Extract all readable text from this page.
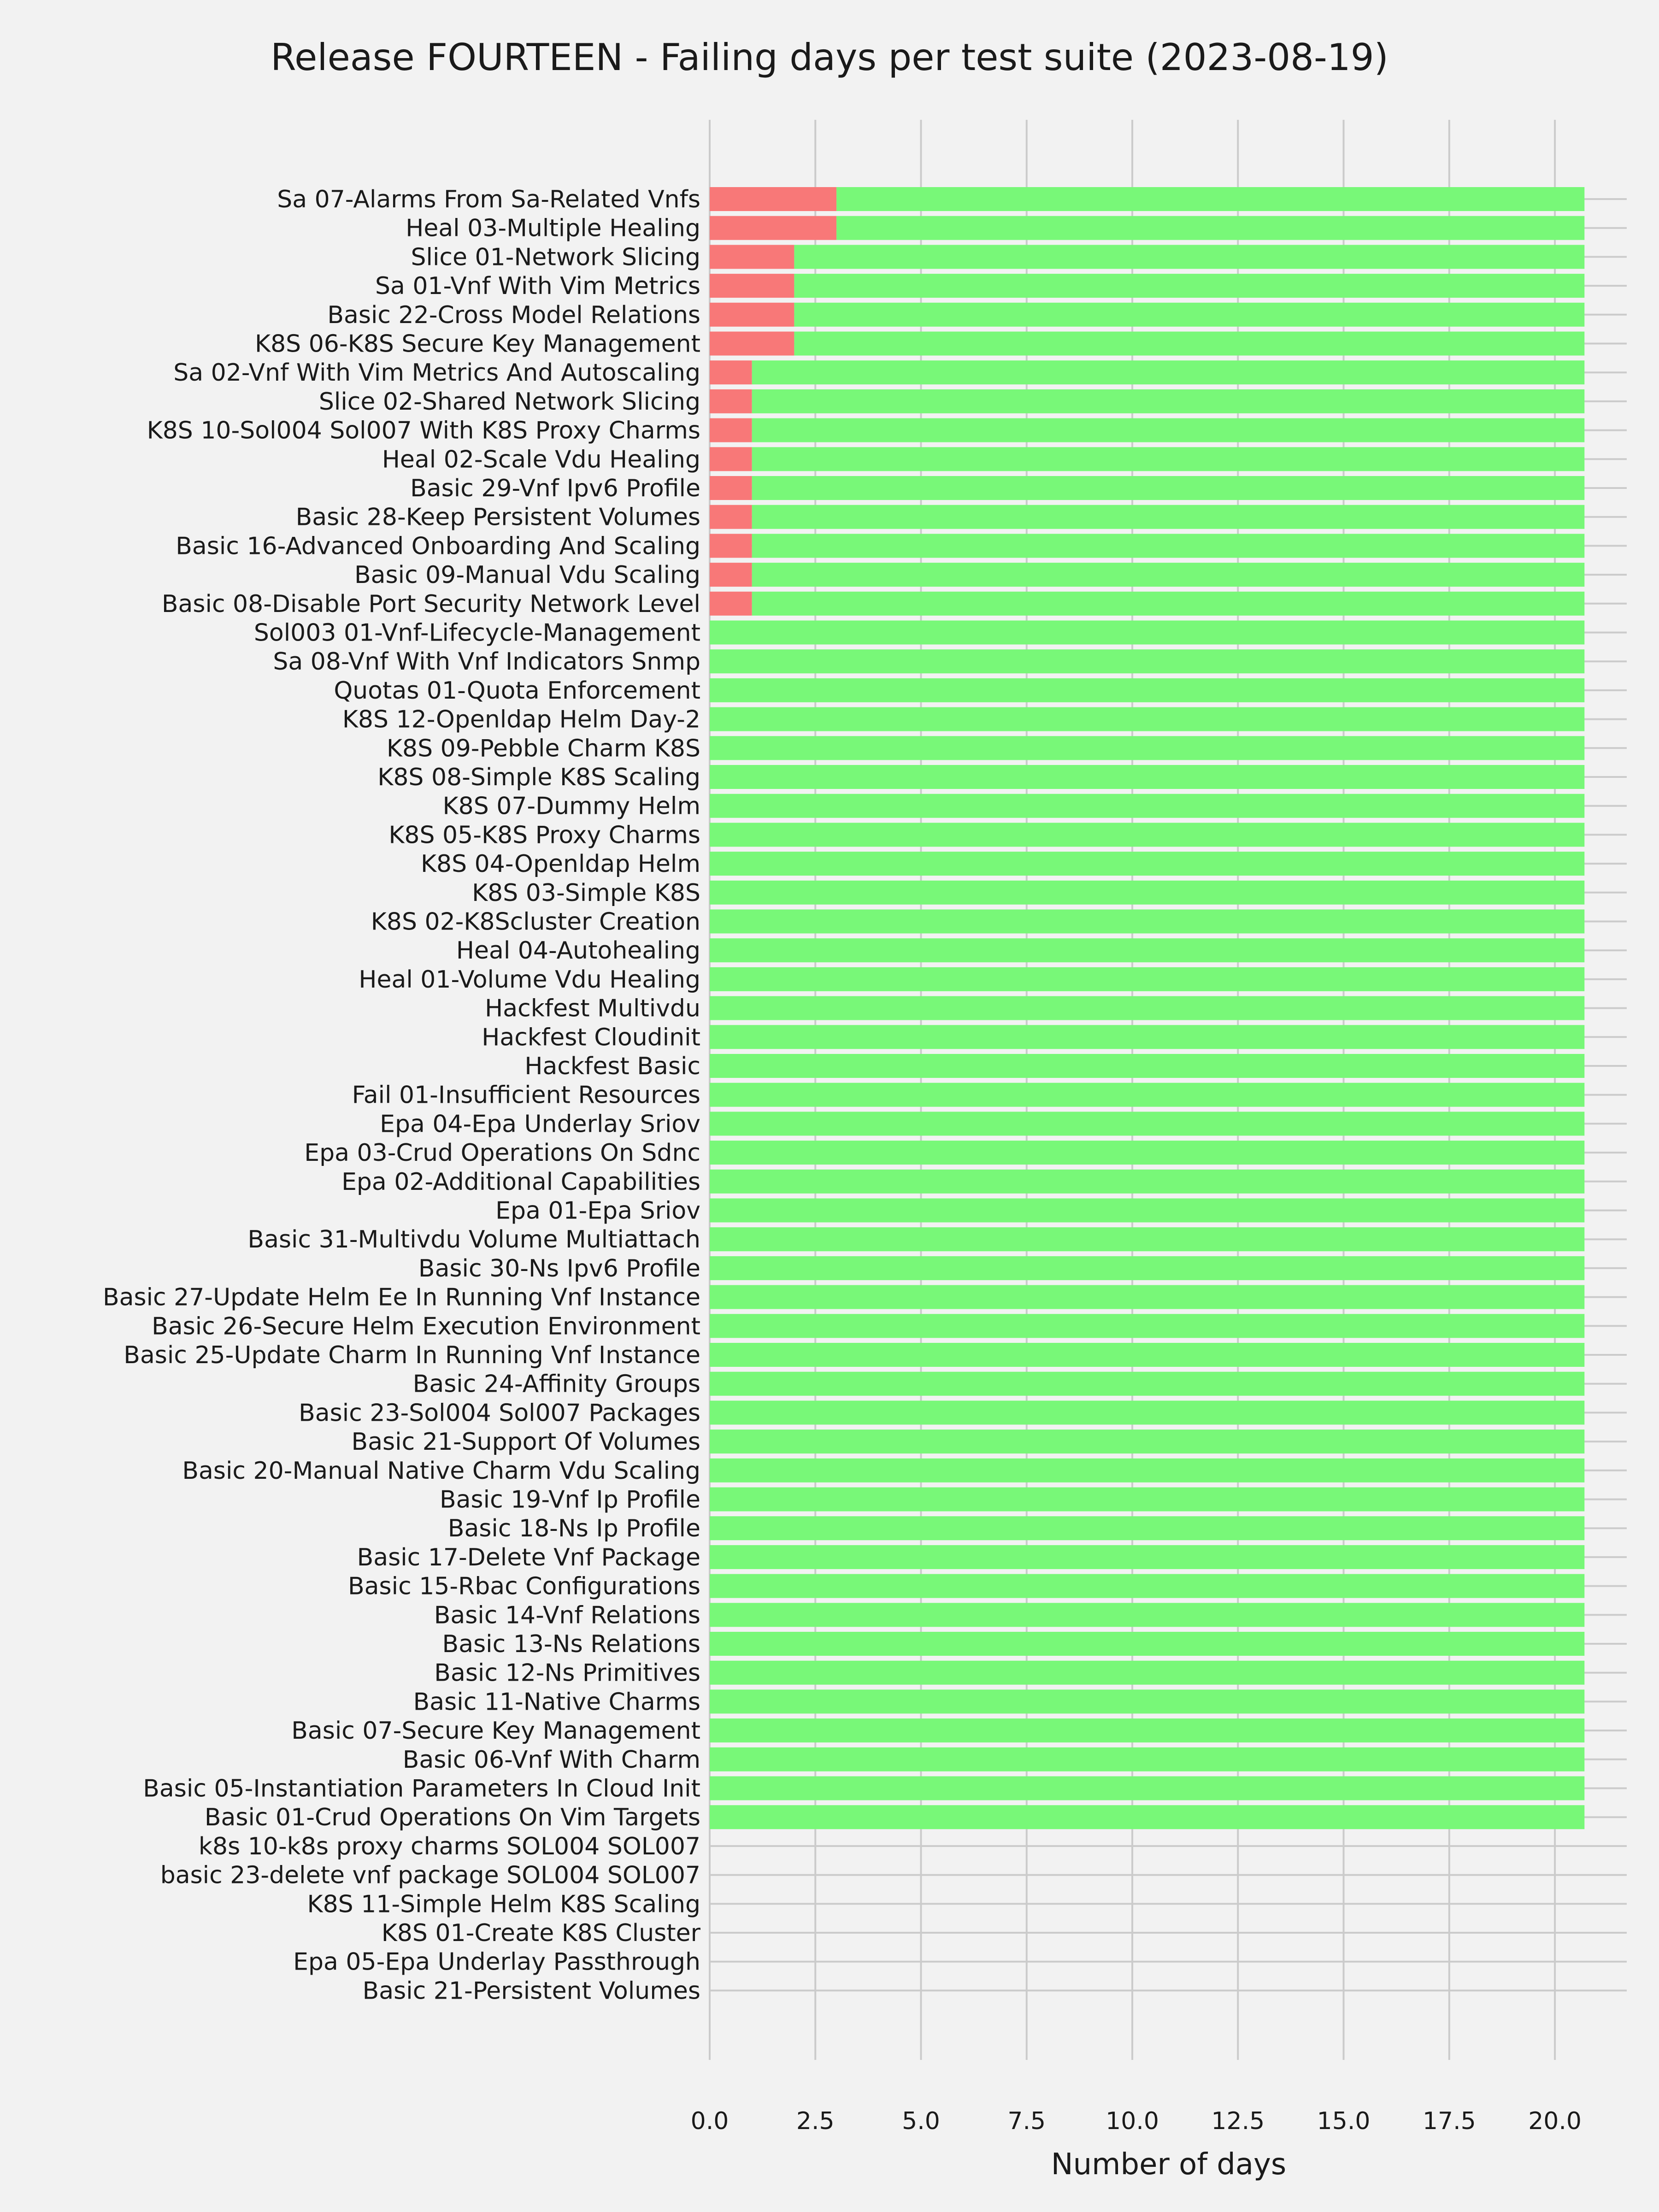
Release FOURTEEN - Failing days per test suite (2023-08-19)
Sa 07-Alarms From Sa-Related Vnfs
Heal 03-Multiple Healing
Slice 01-Network Slicing
Sa 01-Vnf With Vim Metrics
Basic 22-Cross Model Relations
K8S 06-K8S Secure Key Management
Sa 02-Vnf With Vim Metrics And Autoscaling
Slice 02-Shared Network Slicing
K8S 10-Sol004 Sol007 With K8S Proxy Charms
Heal 02-Scale Vdu Healing
Basic 29-Vnf Ipv6 Profile
Basic 28-Keep Persistent Volumes
Basic 16-Advanced Onboarding And Scaling
Basic 09-Manual Vdu Scaling
Basic 08-Disable Port Security Network Level
Sol003 01-Vnf-Lifecycle-Management
Sa 08-Vnf With Vnf Indicators Snmp
Quotas 01-Quota Enforcement
K8S 12-Openldap Helm Day-2
K8S 09-Pebble Charm K8S
K8S 08-Simple K8S Scaling
K8S 07-Dummy Helm
K8S 05-K8S Proxy Charms
K8S 04-Openldap Helm
K8S 03-Simple K8S
K8S 02-K8Scluster Creation
Heal 04-Autohealing
Heal 01-Volume Vdu Healing
Hackfest Multivdu
Hackfest Cloudinit
Hackfest Basic
Fail 01-Insufficient Resources
Epa 04-Epa Underlay Sriov
Epa 03-Crud Operations On Sdnc
Epa 02-Additional Capabilities
Epa 01-Epa Sriov
Basic 31-Multivdu Volume Multiattach
Basic 30-Ns Ipv6 Profile
Basic 27-Update Helm Ee In Running Vnf Instance
Basic 26-Secure Helm Execution Environment
Basic 25-Update Charm In Running Vnf Instance
Basic 24-Affinity Groups
Basic 23-Sol004 Sol007 Packages
Basic 21-Support Of Volumes
Basic 20-Manual Native Charm Vdu Scaling
Basic 19-Vnf Ip Profile
Basic 18-Ns Ip Profile
Basic 17-Delete Vnf Package
Basic 15-Rbac Configurations
Basic 14-Vnf Relations
Basic 13-Ns Relations
Basic 12-Ns Primitives
Basic 11-Native Charms
Basic 07-Secure Key Management
Basic 06-Vnf With Charm
Basic 05-Instantiation Parameters In Cloud Init
Basic 01-Crud Operations On Vim Targets
k8s 10-k8s proxy charms SOL004 SOL007
basic 23-delete vnf package SOL004 SOL007
K8S 11-Simple Helm K8S Scaling
K8S 01-Create K8S Cluster
Epa 05-Epa Underlay Passthrough
Basic 21-Persistent Volumes
0.0	2.5	5.0	7.5	10.0 12.5 15.0 17.5 20.0
Number of days
